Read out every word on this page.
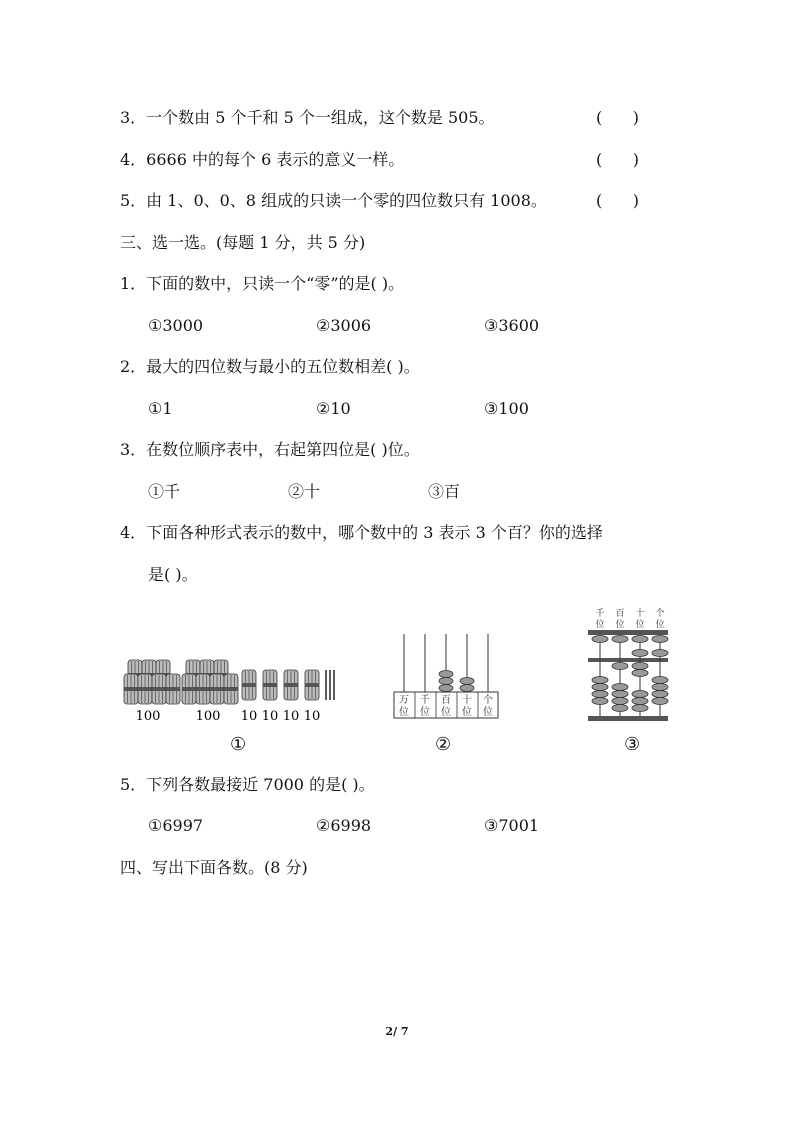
3．一个数由 5 个千和 5 个一组成，这个数是 505。	(      )
4．6666 中的每个 6 表示的意义一样。	(      )
5．由 1、0、0、8 组成的只读一个零的四位数只有 1008。	(      )
三、选一选。(每题 1 分，共 5 分)
1．下面的数中，只读一个“零”的是( )。
①3000	②3006	③3600
2．最大的四位数与最小的五位数相差( )。
①1	②10	③100
3．在数位顺序表中，右起第四位是( )位。
①千	②十	③百
4．下面各种形式表示的数中，哪个数中的 3 表示 3 个百？你的选择
是( )。
100	100 10 10 10 10
①
万
位
千
位
百
位
十
位
个
位
②
千
位
百
位
十
位
个
位
③
5．下列各数最接近 7000 的是( )。
①6997	②6998	③7001
四、写出下面各数。(8 分)
2/ 7
